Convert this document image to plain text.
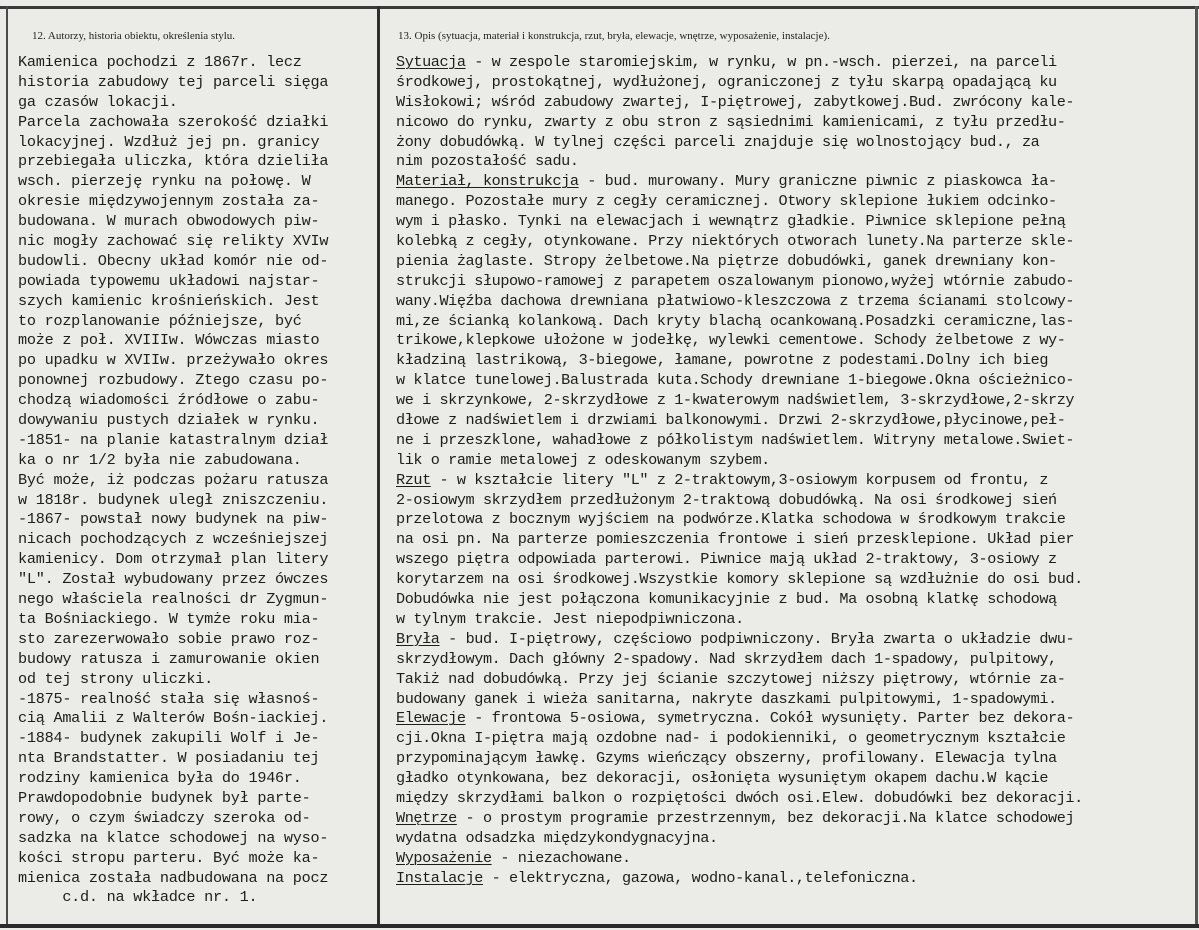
12. Autorzy, historia obiektu, określenia stylu.	13. Opis (sytuacja, materiał i konstrukcja, rzut, bryła, elewacje, wnętrze, wyposażenie, instalacje).
Kamienica pochodzi z 1867r. lecz
historia zabudowy tej parceli sięga
ga czasów lokacji.
Parcela zachowała szerokość działki
lokacyjnej. Wzdłuż jej pn. granicy
przebiegała uliczka, która dzieliła
wsch. pierzeję rynku na połowę. W
okresie międzywojennym została za-
budowana. W murach obwodowych piw-
nic mogły zachować się relikty XVIw
budowli. Obecny układ komór nie od-
powiada typowemu układowi najstar-
szych kamienic krośnieńskich. Jest
to rozplanowanie późniejsze, być
może z poł. XVIIIw. Wówczas miasto
po upadku w XVIIw. przeżywało okres
ponownej rozbudowy. Ztego czasu po-
chodzą wiadomości źródłowe o zabu-
dowywaniu pustych działek w rynku.
-1851- na planie katastralnym dział
ka o nr 1/2 była nie zabudowana.
Być może, iż podczas pożaru ratusza
w 1818r. budynek uległ zniszczeniu.
-1867- powstał nowy budynek na piw-
nicach pochodzących z wcześniejszej
kamienicy. Dom otrzymał plan litery
"L". Został wybudowany przez ówczes
nego właściela realności dr Zygmun-
ta Bośniackiego. W tymże roku mia-
sto zarezerwowało sobie prawo roz-
budowy ratusza i zamurowanie okien
od tej strony uliczki.
-1875- realność stała się własnoś-
cią Amalii z Walterów Bośn-iackiej.
-1884- budynek zakupili Wolf i Je-
nta Brandstatter. W posiadaniu tej
rodziny kamienica była do 1946r.
Prawdopodobnie budynek był parte-
rowy, o czym świadczy szeroka od-
sadzka na klatce schodowej na wyso-
kości stropu parteru. Być może ka-
mienica została nadbudowana na pocz
c.d. na wkładce nr. 1.
Sytuacja - w zespole staromiejskim, w rynku, w pn.-wsch. pierzei, na parceli
środkowej, prostokątnej, wydłużonej, ograniczonej z tyłu skarpą opadającą ku
Wisłokowi; wśród zabudowy zwartej, I-piętrowej, zabytkowej.Bud. zwrócony kale-
nicowo do rynku, zwarty z obu stron z sąsiednimi kamienicami, z tyłu przedłu-
żony dobudówką. W tylnej części parceli znajduje się wolnostojący bud., za
nim pozostałość sadu.
Materiał, konstrukcja - bud. murowany. Mury graniczne piwnic z piaskowca ła-
manego. Pozostałe mury z cegły ceramicznej. Otwory sklepione łukiem odcinko-
wym i płasko. Tynki na elewacjach i wewnątrz gładkie. Piwnice sklepione pełną
kolebką z cegły, otynkowane. Przy niektórych otworach lunety.Na parterze skle-
pienia żaglaste. Stropy żelbetowe.Na piętrze dobudówki, ganek drewniany kon-
strukcji słupowo-ramowej z parapetem oszalowanym pionowo,wyżej wtórnie zabudo-
wany.Więźba dachowa drewniana płatwiowo-kleszczowa z trzema ścianami stolcowy-
mi,ze ścianką kolankową. Dach kryty blachą ocankowaną.Posadzki ceramiczne,las-
trikowe,klepkowe ułożone w jodełkę, wylewki cementowe. Schody żelbetowe z wy-
kładziną lastrikową, 3-biegowe, łamane, powrotne z podestami.Dolny ich bieg
w klatce tunelowej.Balustrada kuta.Schody drewniane 1-biegowe.Okna ościeżnico-
we i skrzynkowe, 2-skrzydłowe z 1-kwaterowym nadświetlem, 3-skrzydłowe,2-skrzy
dłowe z nadświetlem i drzwiami balkonowymi. Drzwi 2-skrzydłowe,płycinowe,peł-
ne i przeszklone, wahadłowe z półkolistym nadświetlem. Witryny metalowe.Swiet-
lik o ramie metalowej z odeskowanym szybem.
Rzut - w kształcie litery "L" z 2-traktowym,3-osiowym korpusem od frontu, z
2-osiowym skrzydłem przedłużonym 2-traktową dobudówką. Na osi środkowej sień
przelotowa z bocznym wyjściem na podwórze.Klatka schodowa w środkowym trakcie
na osi pn. Na parterze pomieszczenia frontowe i sień przesklepione. Układ pier
wszego piętra odpowiada parterowi. Piwnice mają układ 2-traktowy, 3-osiowy z
korytarzem na osi środkowej.Wszystkie komory sklepione są wzdłużnie do osi bud.
Dobudówka nie jest połączona komunikacyjnie z bud. Ma osobną klatkę schodową
w tylnym trakcie. Jest niepodpiwniczona.
Bryła - bud. I-piętrowy, częściowo podpiwniczony. Bryła zwarta o układzie dwu-
skrzydłowym. Dach główny 2-spadowy. Nad skrzydłem dach 1-spadowy, pulpitowy,
Takiż nad dobudówką. Przy jej ścianie szczytowej niższy piętrowy, wtórnie za-
budowany ganek i wieża sanitarna, nakryte daszkami pulpitowymi, 1-spadowymi.
Elewacje - frontowa 5-osiowa, symetryczna. Cokół wysunięty. Parter bez dekora-
cji.Okna I-piętra mają ozdobne nad- i podokienniki, o geometrycznym kształcie
przypominającym ławkę. Gzyms wieńczący obszerny, profilowany. Elewacja tylna
gładko otynkowana, bez dekoracji, osłonięta wysuniętym okapem dachu.W kącie
między skrzydłami balkon o rozpiętości dwóch osi.Elew. dobudówki bez dekoracji.
Wnętrze - o prostym programie przestrzennym, bez dekoracji.Na klatce schodowej
wydatna odsadzka międzykondygnacyjna.
Wyposażenie - niezachowane.
Instalacje - elektryczna, gazowa, wodno-kanal.,telefoniczna.
